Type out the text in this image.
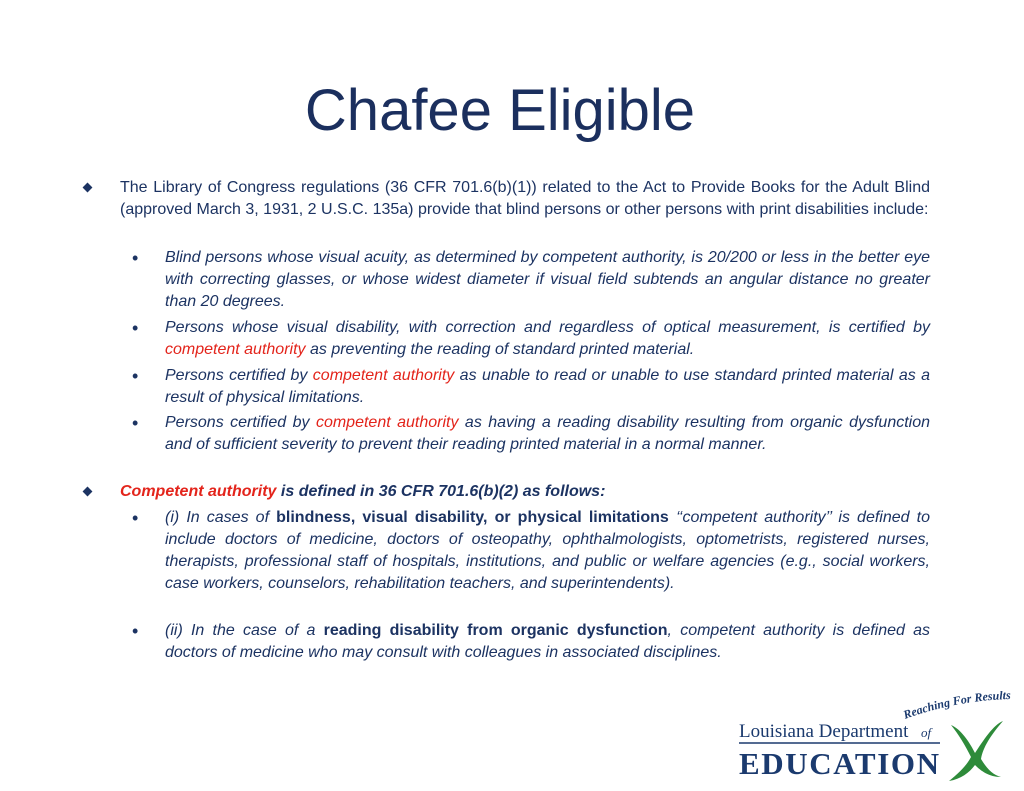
Chafee Eligible
The Library of Congress regulations (36 CFR 701.6(b)(1)) related to the Act to Provide Books for the Adult Blind (approved March 3, 1931, 2 U.S.C. 135a) provide that blind persons or other persons with print disabilities include:
• Blind persons whose visual acuity, as determined by competent authority, is 20/200 or less in the better eye with correcting glasses, or whose widest diameter if visual field subtends an angular distance no greater than 20 degrees.
• Persons whose visual disability, with correction and regardless of optical measurement, is certified by competent authority as preventing the reading of standard printed material.
• Persons certified by competent authority as unable to read or unable to use standard printed material as a result of physical limitations.
• Persons certified by competent authority as having a reading disability resulting from organic dysfunction and of sufficient severity to prevent their reading printed material in a normal manner.
Competent authority is defined in 36 CFR 701.6(b)(2) as follows:
• (i) In cases of blindness, visual disability, or physical limitations ‘‘competent authority’’ is defined to include doctors of medicine, doctors of osteopathy, ophthalmologists, optometrists, registered nurses, therapists, professional staff of hospitals, institutions, and public or welfare agencies (e.g., social workers, case workers, counselors, rehabilitation teachers, and superintendents).
• (ii) In the case of a reading disability from organic dysfunction, competent authority is defined as doctors of medicine who may consult with colleagues in associated disciplines.
Reaching For Results
Louisiana Department of
EDUCATION
